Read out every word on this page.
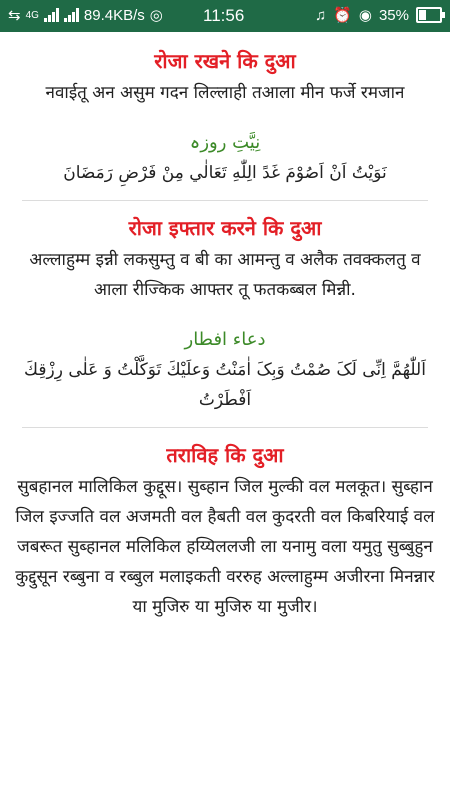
⇆ 4G	89.4KB/s ◎ 11:56	♫ ⏰ ◉ 35%
रोजा रखने कि दुआ
नवाईतू अन असुम गदन लिल्लाही तआला मीन फर्जे रमजान
نِیَّتِ روزہ
نَوَیْتُ اَنْ اَصُوْمَ غَدً الِلّٰهِ تَعَالٰي مِنْ فَرْضِ رَمَضَانَ
रोजा इफ्तार करने कि दुआ
अल्लाहुम्म इन्नी लकसुम्तु व बी का आमन्तु व अलैक तवक्कलतु व आला रीज्किक आफ्तर तू फतकब्बल मिन्नी.
دعاء افطار
اَللّٰهُمَّ اِنِّی لَکَ صُمْتُ وَبِکَ اٰمَنْتُ وَعلَيْكَ تَوَكَّلْتُ وَ عَلٰی رِزْقِكَ اَفْطَرْتُ
तराविह कि दुआ
सुबहानल मालिकिल कुद्दूस। सुब्हान जिल मुल्की वल मलकूत। सुब्हान जिल इज्जति वल अजमती वल हैबती वल कुदरती वल किबरियाई वल जबरूत सुब्हानल मलिकिल हय्यिललजी ला यनामु वला यमुतु सुब्बुहुन कुद्दुसून रब्बुना व रब्बुल मलाइकती वररुह अल्लाहुम्म अजीरना मिनन्नार या मुजिरु या मुजिरु या मुजीर।
